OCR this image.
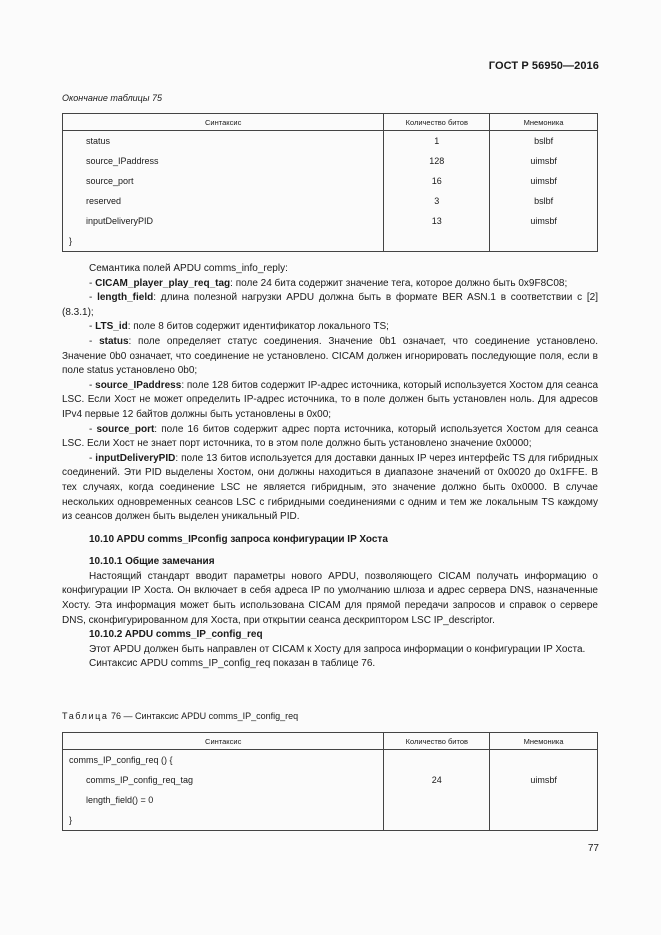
ГОСТ Р 56950—2016
Окончание таблицы 75
Синтаксис	Количество битов	Мнемоника
status	1	bslbf
source_IPaddress	128	uimsbf
source_port	16	uimsbf
reserved	3	bslbf
inputDeliveryPID	13	uimsbf
}		

Семантика полей APDU comms_info_reply:

- CICAM_player_play_req_tag: поле 24 бита содержит значение тега, которое должно быть 0x9F8C08;

- length_field: длина полезной нагрузки APDU должна быть в формате BER ASN.1 в соответствии с [2] (8.3.1);

- LTS_id: поле 8 битов содержит идентификатор локального TS;

- status: поле определяет статус соединения. Значение 0b1 означает, что соединение установлено. Значение 0b0 означает, что соединение не установлено. CICAM должен игнорировать последующие поля, если в поле status установлено 0b0;

- source_IPaddress: поле 128 битов содержит IP-адрес источника, который используется Хостом для сеанса LSC. Если Хост не может определить IP-адрес источника, то в поле должен быть установлен ноль. Для адресов IPv4 первые 12 байтов должны быть установлены в 0x00;

- source_port: поле 16 битов содержит адрес порта источника, который используется Хостом для сеанса LSC. Если Хост не знает порт источника, то в этом поле должно быть установлено значение 0x0000;

- inputDeliveryPID: поле 13 битов используется для доставки данных IP через интерфейс TS для гибридных соединений. Эти PID выделены Хостом, они должны находиться в диапазоне значений от 0x0020 до 0x1FFE. В тех случаях, когда соединение LSC не является гибридным, это значение должно быть 0x0000. В случае нескольких одновременных сеансов LSC с гибридными соединениями с одним и тем же локальным TS каждому из сеансов должен быть выделен уникальный PID.

10.10 APDU comms_IPconfig запроса конфигурации IP Хоста
10.10.1 Общие замечания

Настоящий стандарт вводит параметры нового APDU, позволяющего CICAM получать информацию о конфигурации IP Хоста. Он включает в себя адреса IP по умолчанию шлюза и адрес сервера DNS, назначенные Хосту. Эта информация может быть использована CICAM для прямой передачи запросов и справок о сервере DNS, сконфигурированном для Хоста, при открытии сеанса дескриптором LSC IP_descriptor.

10.10.2 APDU comms_IP_config_req

Этот APDU должен быть направлен от CICAM к Хосту для запроса информации о конфигурации IP Хоста.

Синтаксис APDU comms_IP_config_req показан в таблице 76.

Таблица 76 — Синтаксис APDU comms_IP_config_req
Синтаксис	Количество битов	Мнемоника
comms_IP_config_req () {		
comms_IP_config_req_tag	24	uimsbf
length_field() = 0		
}		
77
